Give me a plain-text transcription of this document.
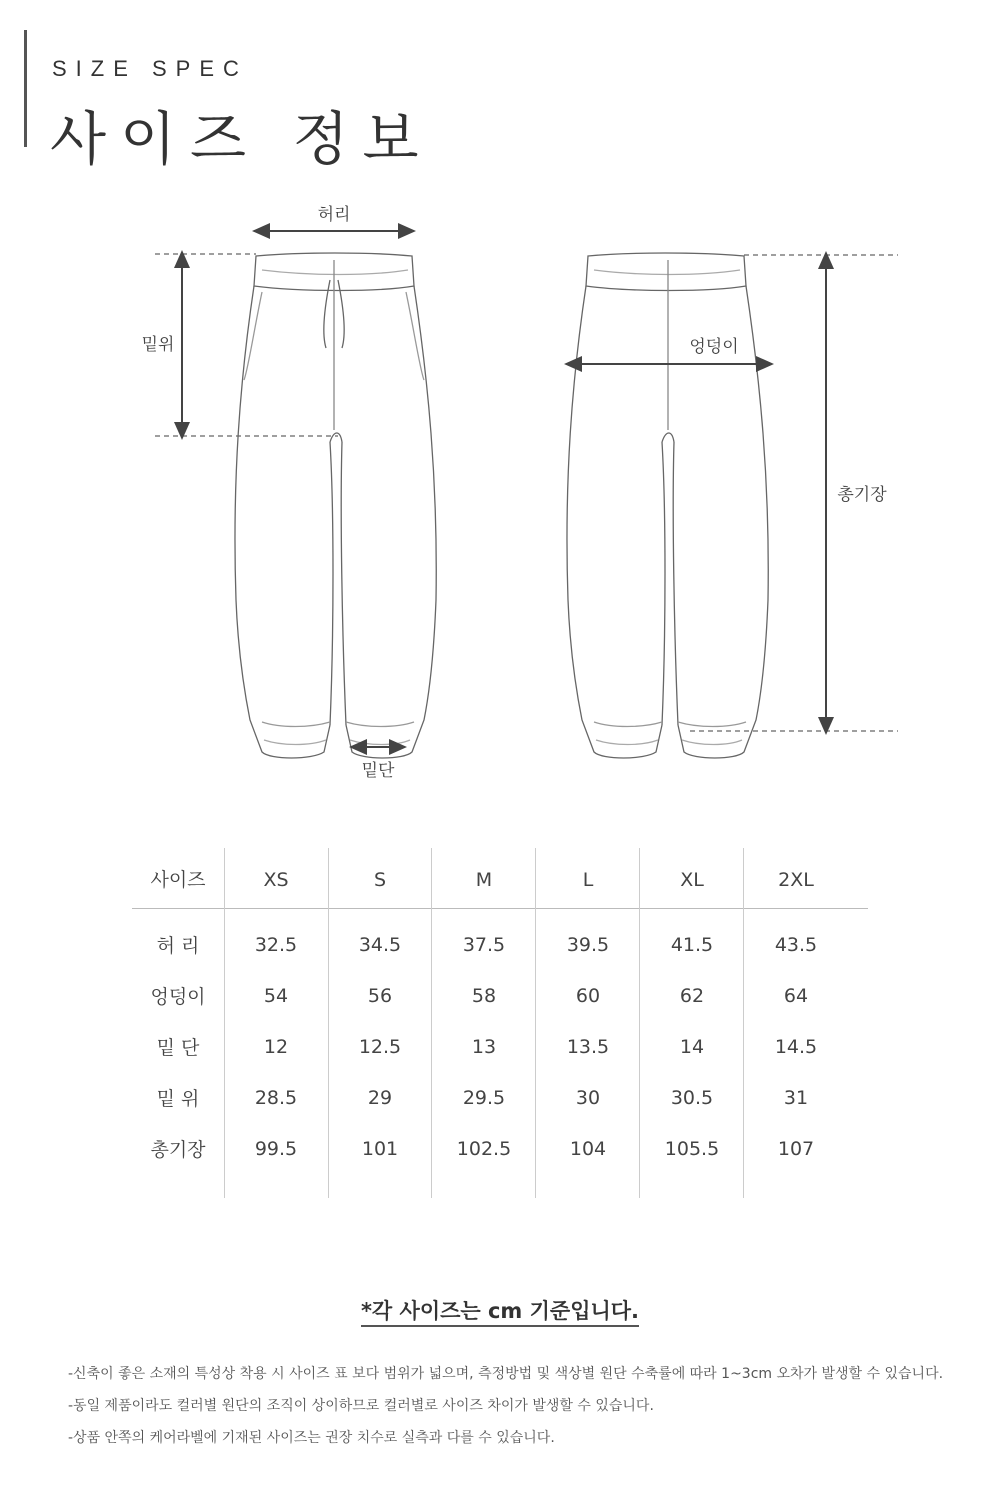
SIZE SPEC
사이즈 정보
허리
밑위
밑단
엉덩이
총기장
사이즈	XS	S	M	L	XL	2XL
허 리	32.5	34.5	37.5	39.5	41.5	43.5
엉덩이	54	56	58	60	62	64
밑 단	12	12.5	13	13.5	14	14.5
밑 위	28.5	29	29.5	30	30.5	31
총기장	99.5	101	102.5	104	105.5	107
*각 사이즈는 cm 기준입니다.
-신축이 좋은 소재의 특성상 착용 시 사이즈 표 보다 범위가 넓으며, 측정방법 및 색상별 원단 수축률에 따라 1~3cm 오차가 발생할 수 있습니다.
-동일 제품이라도 컬러별 원단의 조직이 상이하므로 컬러별로 사이즈 차이가 발생할 수 있습니다.
-상품 안쪽의 케어라벨에 기재된 사이즈는 권장 치수로 실측과 다를 수 있습니다.
